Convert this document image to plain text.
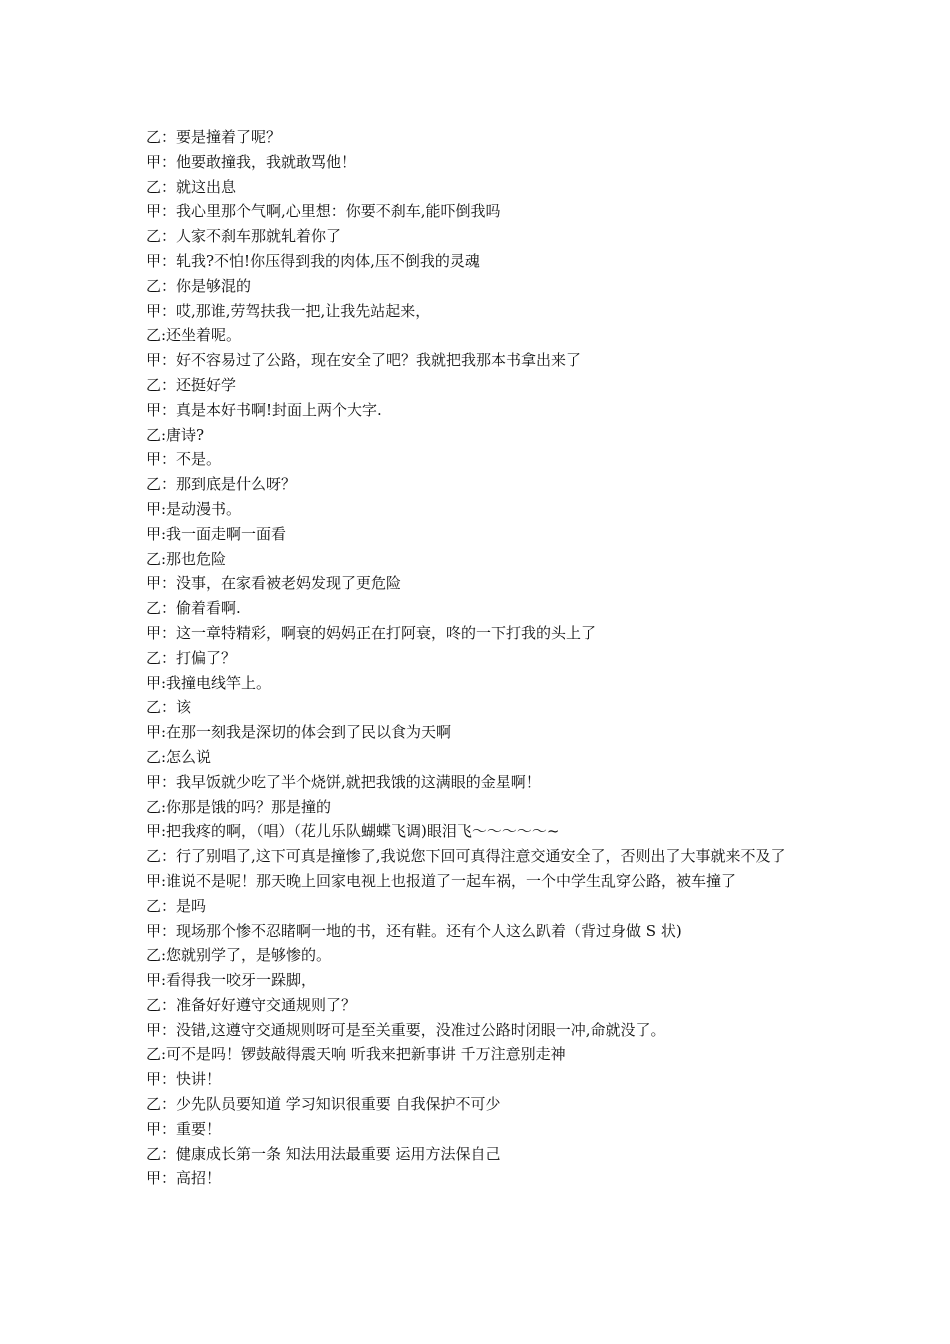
乙：要是撞着了呢？

甲：他要敢撞我，我就敢骂他！

乙：就这出息

甲：我心里那个气啊,心里想：你要不刹车,能吓倒我吗

乙：人家不刹车那就轧着你了

甲：轧我?不怕!你压得到我的肉体,压不倒我的灵魂

乙：你是够混的

甲：哎,那谁,劳驾扶我一把,让我先站起来，

乙:还坐着呢。

甲：好不容易过了公路，现在安全了吧？我就把我那本书拿出来了

乙：还挺好学

甲：真是本好书啊!封面上两个大字.

乙:唐诗?

甲：不是。

乙：那到底是什么呀？

甲:是动漫书。

甲:我一面走啊一面看

乙:那也危险

甲：没事，在家看被老妈发现了更危险

乙：偷着看啊.

甲：这一章特精彩，啊衰的妈妈正在打阿衰，咚的一下打我的头上了

乙：打偏了？

甲:我撞电线竿上。

乙：该

甲:在那一刻我是深切的体会到了民以食为天啊

乙:怎么说

甲：我早饭就少吃了半个烧饼,就把我饿的这满眼的金星啊！

乙:你那是饿的吗？那是撞的

甲:把我疼的啊，（唱）（花儿乐队蝴蝶飞调)眼泪飞～～～～～~

乙：行了别唱了,这下可真是撞惨了,我说您下回可真得注意交通安全了，否则出了大事就来不及了

甲:谁说不是呢！那天晚上回家电视上也报道了一起车祸，一个中学生乱穿公路，被车撞了

乙：是吗

甲：现场那个惨不忍睹啊一地的书，还有鞋。还有个人这么趴着（背过身做 S 状)

乙:您就别学了，是够惨的。

甲:看得我一咬牙一跺脚，

乙：准备好好遵守交通规则了？

甲：没错,这遵守交通规则呀可是至关重要，没准过公路时闭眼一冲,命就没了。

乙:可不是吗！锣鼓敲得震天响 听我来把新事讲 千万注意别走神

甲：快讲！

乙：少先队员要知道 学习知识很重要 自我保护不可少

甲：重要！

乙：健康成长第一条 知法用法最重要 运用方法保自己

甲：高招！
